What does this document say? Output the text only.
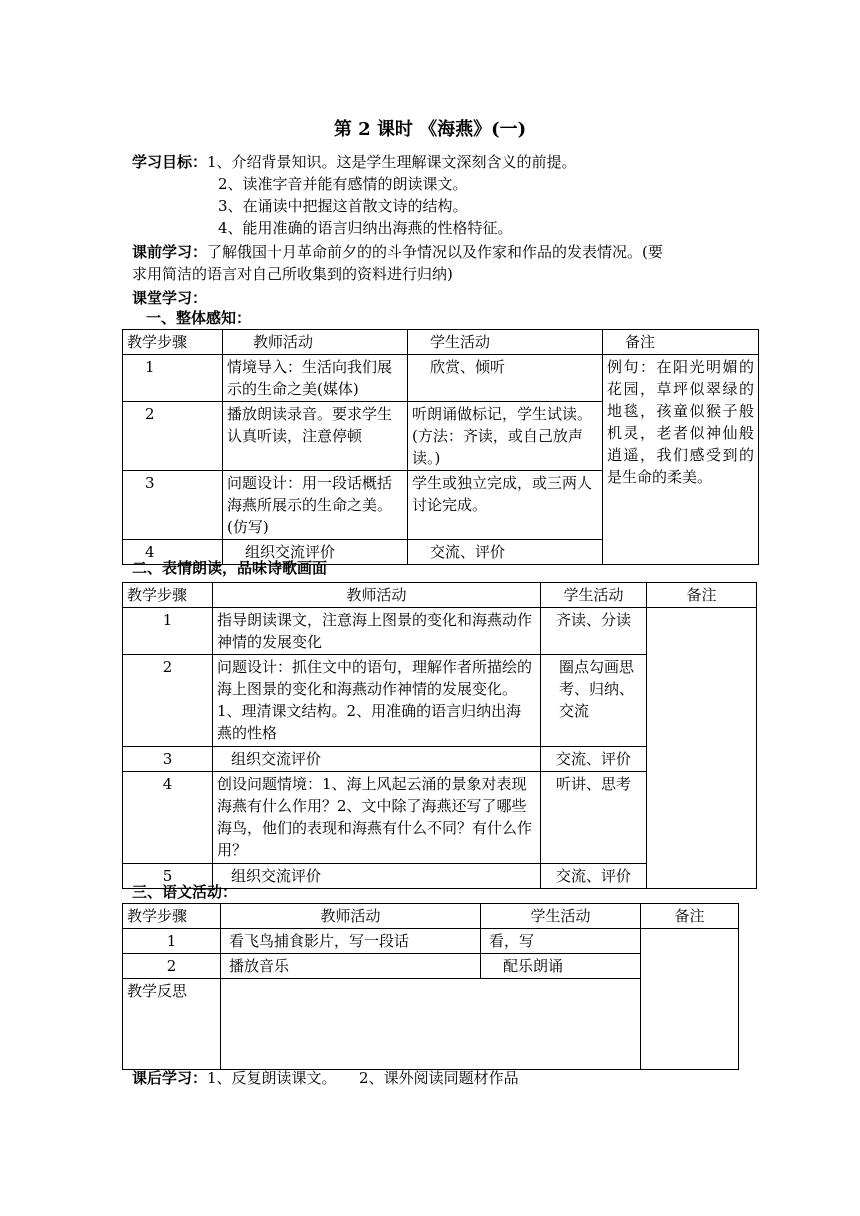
第 2 课时 《海燕》(一)
学习目标：1、介绍背景知识。这是学生理解课文深刻含义的前提。
2、读准字音并能有感情的朗读课文。
3、在诵读中把握这首散文诗的结构。
4、能用准确的语言归纳出海燕的性格特征。
课前学习：了解俄国十月革命前夕的的斗争情况以及作家和作品的发表情况。(要
求用简洁的语言对自己所收集到的资料进行归纳)
课堂学习：
一、整体感知：
教学步骤	教师活动	学生活动	备注
1	情境导入：生活向我们展示的生命之美(媒体)	欣赏、倾听	例句：在阳光明媚的花园，草坪似翠绿的地毯，孩童似猴子般机灵，老者似神仙般逍遥，我们感受到的是生命的柔美。
2	播放朗读录音。要求学生认真听读，注意停顿	听朗诵做标记，学生试读。 (方法：齐读，或自己放声读。)	
3	问题设计：用一段话概括海燕所展示的生命之美。(仿写)	学生或独立完成，或三两人讨论完成。	
4	组织交流评价	交流、评价	
二、表情朗读，品味诗歌画面
教学步骤	教师活动	学生活动	备注
1	指导朗读课文，注意海上图景的变化和海燕动作神情的发展变化	齐读、分读	
2	问题设计：抓住文中的语句，理解作者所描绘的海上图景的变化和海燕动作神情的发展变化。1、理清课文结构。2、用准确的语言归纳出海燕的性格	圈点勾画思考、归纳、交流	
3	组织交流评价	交流、评价	
4	创设问题情境：1、海上风起云涌的景象对表现海燕有什么作用？2、文中除了海燕还写了哪些海鸟，他们的表现和海燕有什么不同？有什么作用？	听讲、思考	
5	组织交流评价	交流、评价	
三、语文活动：
教学步骤	教师活动	学生活动	备注
1	看飞鸟捕食影片，写一段话	看，写	
2	播放音乐	配乐朗诵	
教学反思			
课后学习：1、反复朗读课文。　　2、课外阅读同题材作品
